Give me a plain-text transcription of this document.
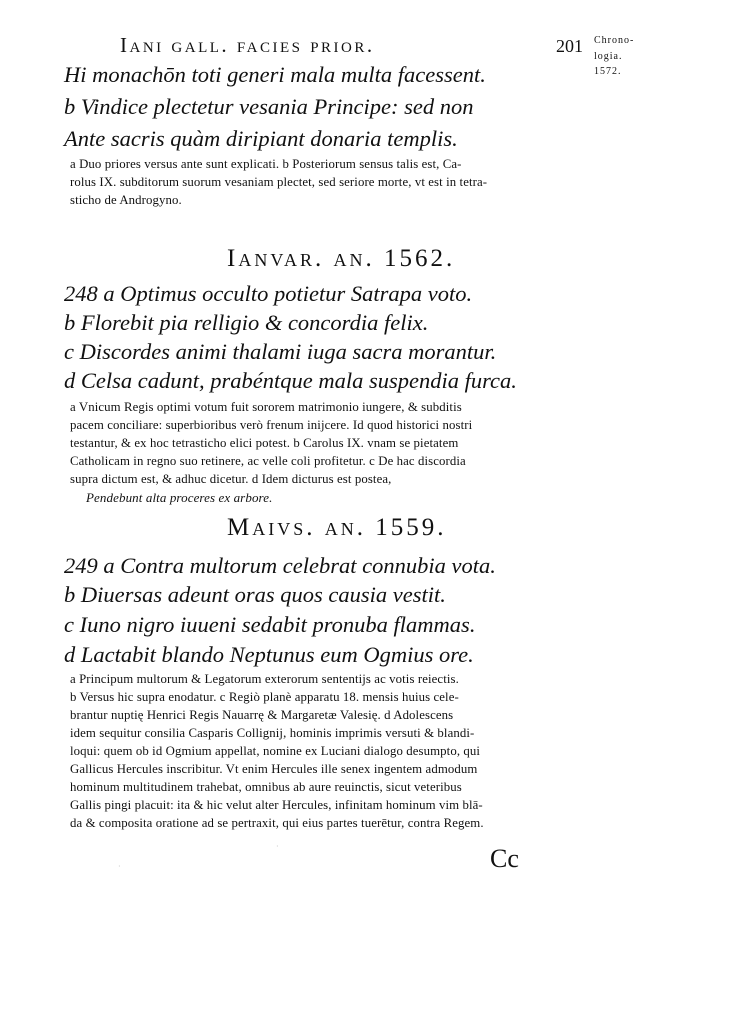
Iani gall. facies prior.	201 Chrono-
logia.
1572.
Hi monachōn toti generi mala multa facessent.
b Vindice plectetur vesania Principe: sed non
Ante sacris quàm diripiant donaria templis.
a Duo priores versus ante sunt explicati. b Posteriorum sensus talis est, Ca-
rolus IX. subditorum suorum vesaniam plectet, sed seriore morte, vt est in tetra-
sticho de Androgyno.
Ianvar. an. 1562.
248 a Optimus occulto potietur Satrapa voto.
b Florebit pia relligio & concordia felix.
c Discordes animi thalami iuga sacra morantur.
d Celsa cadunt, prabéntque mala suspendia furca.
a Vnicum Regis optimi votum fuit sororem matrimonio iungere, & subditis
pacem conciliare: superbioribus verò frenum inijcere. Id quod historici nostri
testantur, & ex hoc tetrasticho elici potest. b Carolus IX. vnam se pietatem
Catholicam in regno suo retinere, ac velle coli profitetur. c De hac discordia
supra dictum est, & adhuc dicetur. d Idem dicturus est postea,
Pendebunt alta proceres ex arbore.
Maivs. an. 1559.
249 a Contra multorum celebrat connubia vota.
b Diuersas adeunt oras quos causia vestit.
c Iuno nigro iuueni sedabit pronuba flammas.
d Lactabit blando Neptunus eum Ogmius ore.
a Principum multorum & Legatorum exterorum sententijs ac votis reiectis.
b Versus hic supra enodatur. c Regiò planè apparatu 18. mensis huius cele-
brantur nuptię Henrici Regis Nauarrę & Margaretæ Valesię. d Adolescens
idem sequitur consilia Casparis Collignij, hominis imprimis versuti & blandi-
loqui: quem ob id Ogmium appellat, nomine ex Luciani dialogo desumpto, qui
Gallicus Hercules inscribitur. Vt enim Hercules ille senex ingentem admodum
hominum multitudinem trahebat, omnibus ab aure reuinctis, sicut veteribus
Gallis pingi placuit: ita & hic velut alter Hercules, infinitam hominum vim blā-
da & composita oratione ad se pertraxit, qui eius partes tuerētur, contra Regem.
Cc
·
·
